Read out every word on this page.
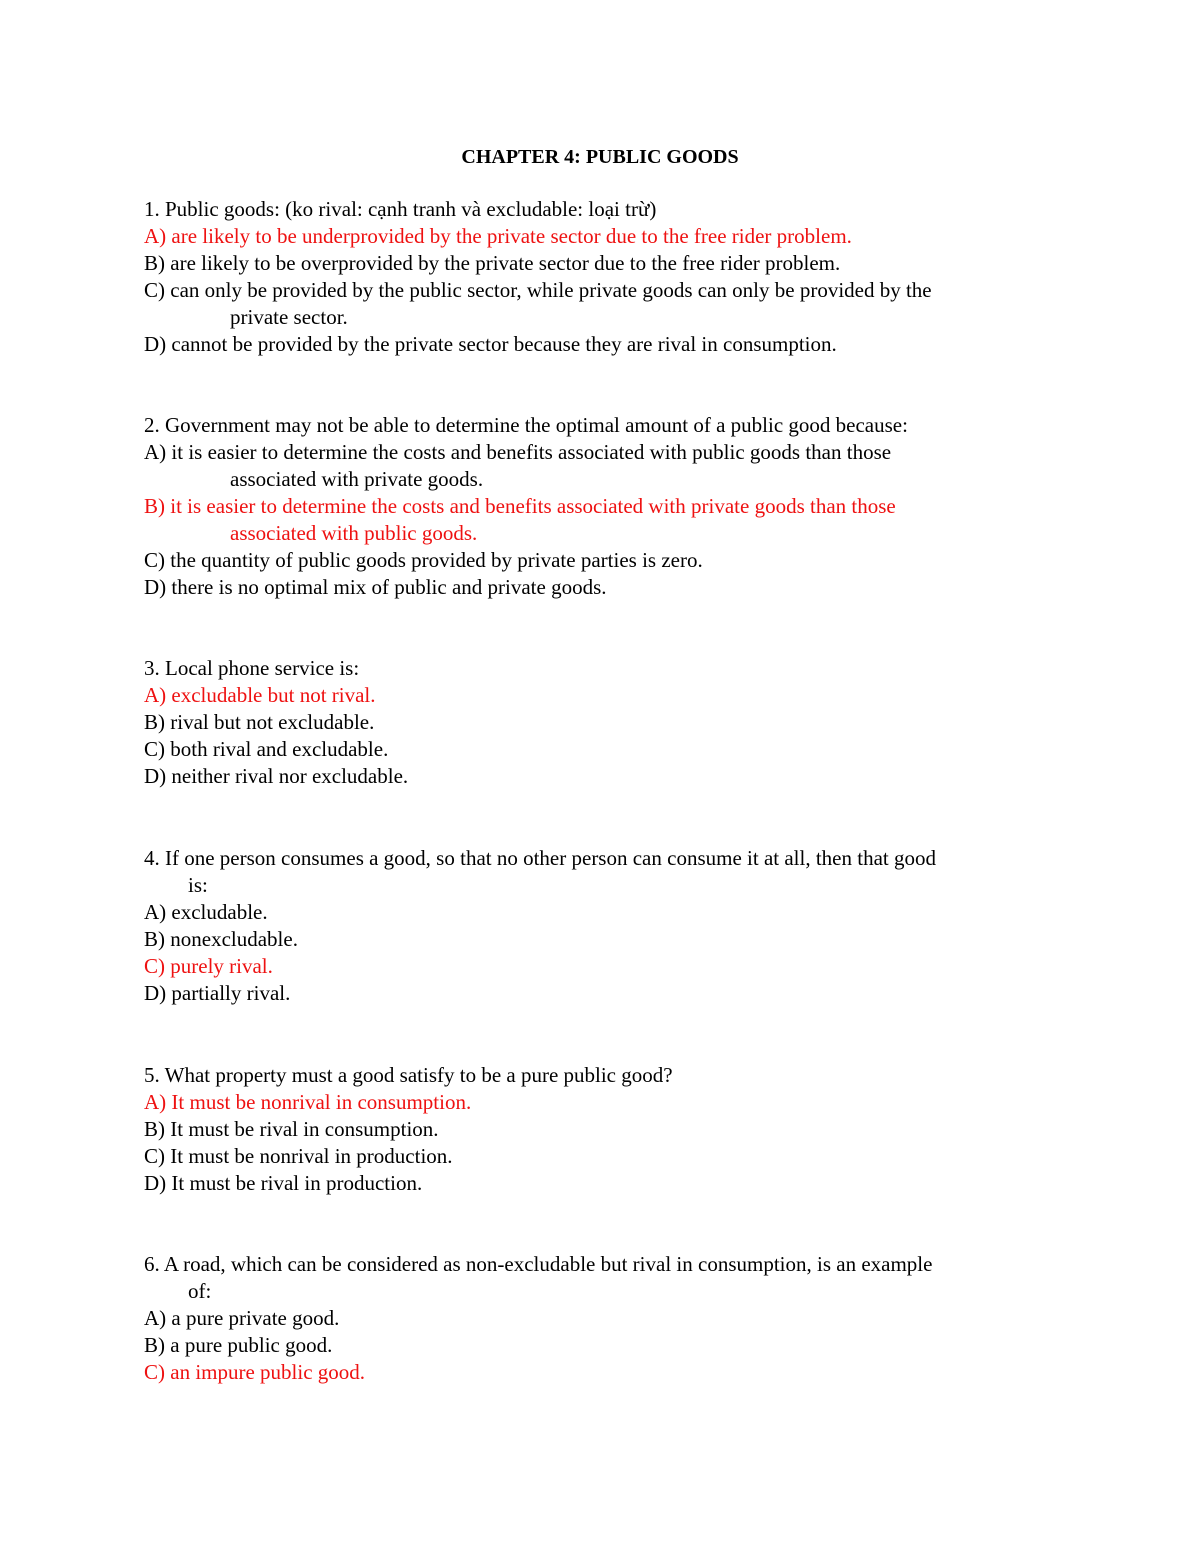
CHAPTER 4: PUBLIC GOODS
1. Public goods: (ko rival: cạnh tranh và excludable: loại trừ)
A) are likely to be underprovided by the private sector due to the free rider problem.
B) are likely to be overprovided by the private sector due to the free rider problem.
C) can only be provided by the public sector, while private goods can only be provided by the
private sector.
D) cannot be provided by the private sector because they are rival in consumption.
2. Government may not be able to determine the optimal amount of a public good because:
A) it is easier to determine the costs and benefits associated with public goods than those
associated with private goods.
B) it is easier to determine the costs and benefits associated with private goods than those
associated with public goods.
C) the quantity of public goods provided by private parties is zero.
D) there is no optimal mix of public and private goods.
3. Local phone service is:
A) excludable but not rival.
B) rival but not excludable.
C) both rival and excludable.
D) neither rival nor excludable.
4. If one person consumes a good, so that no other person can consume it at all, then that good
is:
A) excludable.
B) nonexcludable.
C) purely rival.
D) partially rival.
5. What property must a good satisfy to be a pure public good?
A) It must be nonrival in consumption.
B) It must be rival in consumption.
C) It must be nonrival in production.
D) It must be rival in production.
6. A road, which can be considered as non-excludable but rival in consumption, is an example
of:
A) a pure private good.
B) a pure public good.
C) an impure public good.
